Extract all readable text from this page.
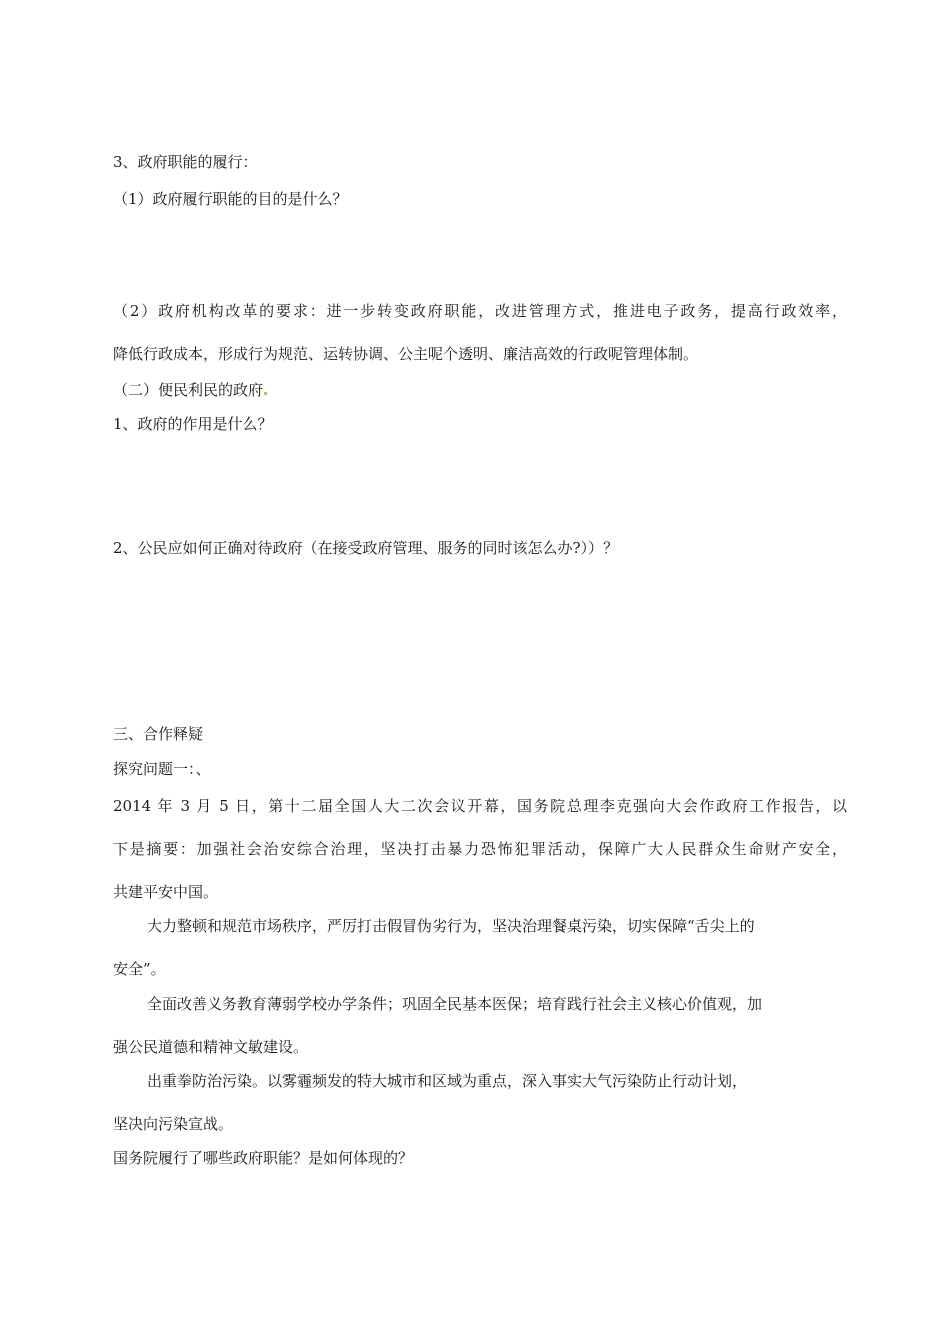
3、政府职能的履行：
（1）政府履行职能的目的是什么？
（2）政府机构改革的要求：进一步转变政府职能，改进管理方式，推进电子政务，提高行政效率，
降低行政成本，形成行为规范、运转协调、公主呢个透明、廉洁高效的行政呢管理体制。
（二）便民利民的政府
1、政府的作用是什么？
2、公民应如何正确对待政府（在接受政府管理、服务的同时该怎么办?））？
三、合作释疑
探究问题一：、
2014 年 3 月 5 日，第十二届全国人大二次会议开幕，国务院总理李克强向大会作政府工作报告，以
下是摘要：加强社会治安综合治理，坚决打击暴力恐怖犯罪活动，保障广大人民群众生命财产安全，
共建平安中国。
大力整顿和规范市场秩序，严厉打击假冒伪劣行为，坚决治理餐桌污染，切实保障“舌尖上的
安全”。
全面改善义务教育薄弱学校办学条件；巩固全民基本医保；培育践行社会主义核心价值观，加
强公民道德和精神文敏建设。
出重拳防治污染。以雾霾频发的特大城市和区域为重点，深入事实大气污染防止行动计划，
坚决向污染宣战。
国务院履行了哪些政府职能？是如何体现的？
